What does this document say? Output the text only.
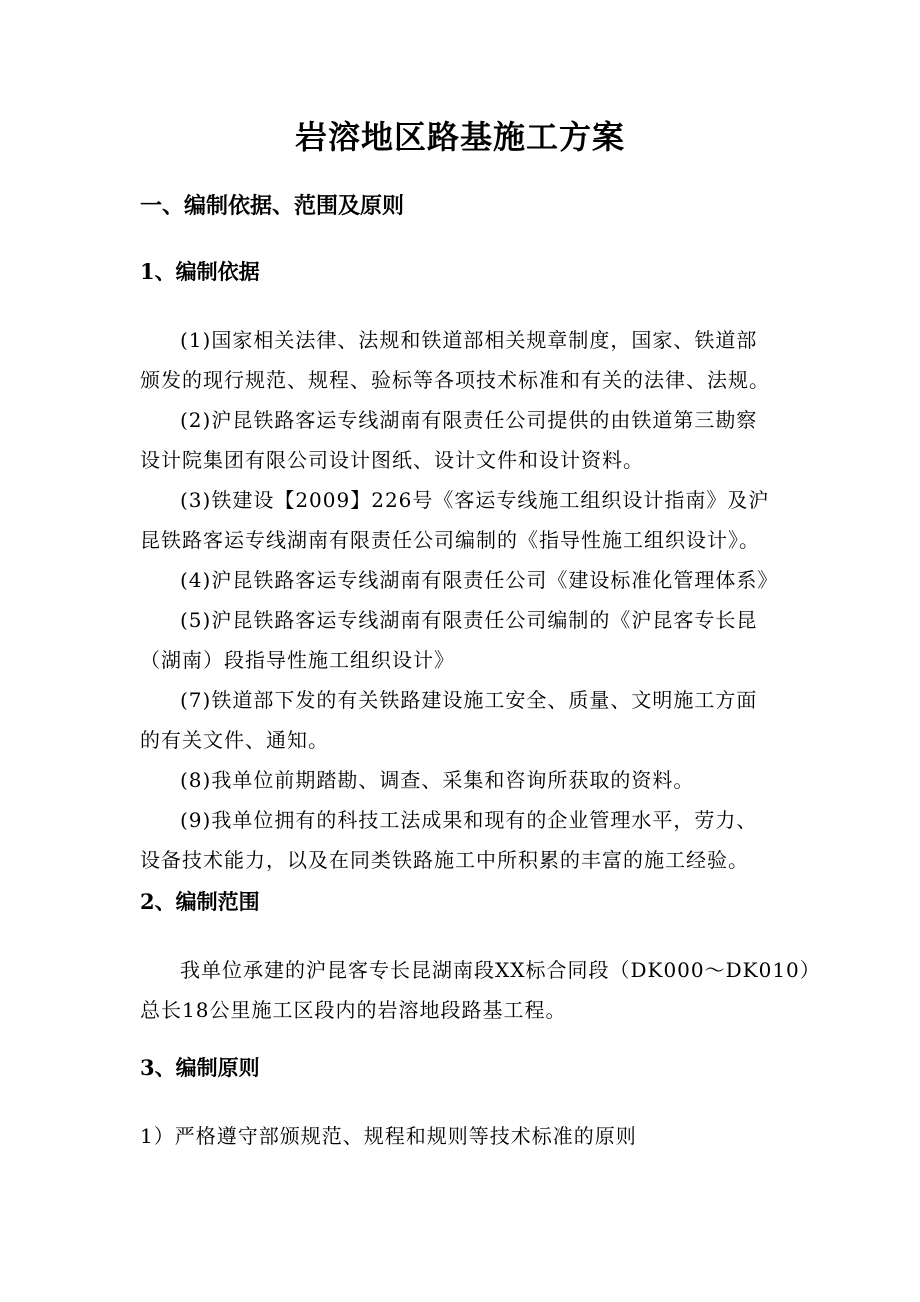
岩溶地区路基施工方案
一、编制依据、范围及原则
1、编制依据
(1)国家相关法律、法规和铁道部相关规章制度，国家、铁道部
颁发的现行规范、规程、验标等各项技术标准和有关的法律、法规。
(2)沪昆铁路客运专线湖南有限责任公司提供的由铁道第三勘察
设计院集团有限公司设计图纸、设计文件和设计资料。
(3)铁建设【2009】226号《客运专线施工组织设计指南》及沪
昆铁路客运专线湖南有限责任公司编制的《指导性施工组织设计》。
(4)沪昆铁路客运专线湖南有限责任公司《建设标准化管理体系》
(5)沪昆铁路客运专线湖南有限责任公司编制的《沪昆客专长昆
（湖南）段指导性施工组织设计》
(7)铁道部下发的有关铁路建设施工安全、质量、文明施工方面
的有关文件、通知。
(8)我单位前期踏勘、调查、采集和咨询所获取的资料。
(9)我单位拥有的科技工法成果和现有的企业管理水平，劳力、
设备技术能力，以及在同类铁路施工中所积累的丰富的施工经验。
2、编制范围
我单位承建的沪昆客专长昆湖南段XX标合同段（DK000～DK010）
总长18公里施工区段内的岩溶地段路基工程。
3、编制原则
1）严格遵守部颁规范、规程和规则等技术标准的原则
